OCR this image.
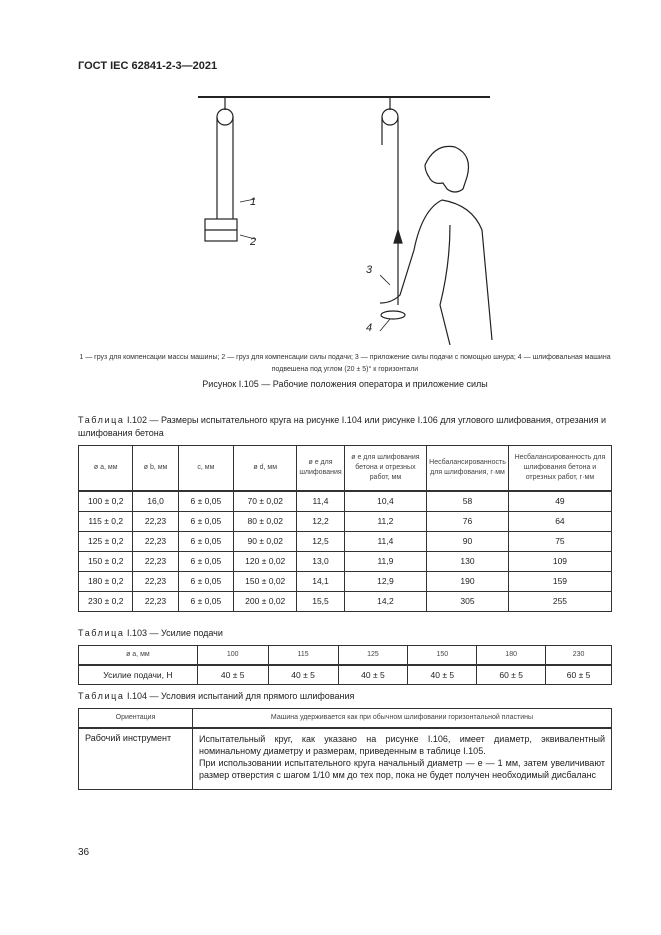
ГОСТ IEC 62841-2-3—2021
1
2
3
4
1 — груз для компенсации массы машины; 2 — груз для компенсации силы подачи; 3 — приложение силы подачи с помощью шнура; 4 — шлифовальная машина подвешена под углом (20 ± 5)° к горизонтали
Рисунок I.105 — Рабочие положения оператора и приложение силы
Таблица I.102 — Размеры испытательного круга на рисунке I.104 или рисунке I.106 для углового шлифования, отрезания и шлифования бетона
ø a, мм	ø b, мм	c, мм	ø d, мм	ø e для шлифования	ø e для шлифования бетона и отрезных работ, мм	Несбалансированность для шлифования, г·мм	Несбалансированность для шлифования бетона и отрезных работ, г·мм
100 ± 0,2	16,0	6 ± 0,05	70 ± 0,02	11,4	10,4	58	49
115 ± 0,2	22,23	6 ± 0,05	80 ± 0,02	12,2	11,2	76	64
125 ± 0,2	22,23	6 ± 0,05	90 ± 0,02	12,5	11,4	90	75
150 ± 0,2	22,23	6 ± 0,05	120 ± 0,02	13,0	11,9	130	109
180 ± 0,2	22,23	6 ± 0,05	150 ± 0,02	14,1	12,9	190	159
230 ± 0,2	22,23	6 ± 0,05	200 ± 0,02	15,5	14,2	305	255
Таблица I.103 — Усилие подачи
ø a, мм	100	115	125	150	180	230
Усилие подачи, Н	40 ± 5	40 ± 5	40 ± 5	40 ± 5	60 ± 5	60 ± 5
Таблица I.104 — Условия испытаний для прямого шлифования
Ориентация	Машина удерживается как при обычном шлифовании горизонтальной пластины
Рабочий инструмент	Испытательный круг, как указано на рисунке I.106, имеет диаметр, эквивалентный номинальному диаметру и размерам, приведенным в таблице I.105.
При использовании испытательного круга начальный диаметр — e — 1 мм, затем увеличивают размер отверстия с шагом 1/10 мм до тех пор, пока не будет получен необходимый дисбаланс
36
